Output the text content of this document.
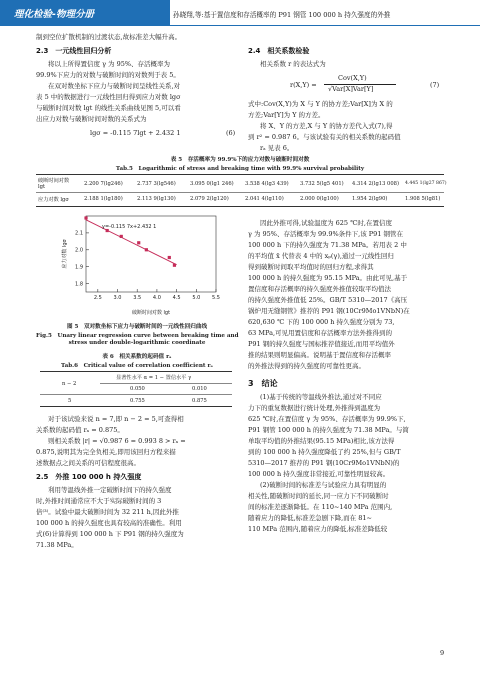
理化检验-物理分册	孙晓翔,等:基于置信度和存活概率的 P91 钢管 100 000 h 持久强度的外推
制到空位扩散机制的过渡状态,故标准差大幅升高。
2.3　一元线性回归分析
将以上所得置信度 γ 为 95%、存活概率为
99.9%下应力的对数与破断时间的对数列于表 5。
在双对数坐标下应力与破断时间呈线性关系,对
表 5 中的数据进行一元线性回归得到应力对数 lgσ
与破断时间对数 lgt 的线性关系曲线见图 5,可以看
出应力对数与破断时间对数的关系式为
lgσ = -0.115 7lgt + 2.432 1	(6)
2.4　相关系数检验
相关系数 r 的表达式为
r(X,Y) =
Cov(X,Y)
√Var[X]Var[Y]	(7)
式中:Cov(X,Y)为 X 与 Y 的协方差;Var[X]为 X 的
方差;Var[Y]为 Y 的方差。
将 X、Y 的方差,X 与 Y 的协方差代入式(7),得
到 r² = 0.987 6。与该试验有关的相关系数的起码值
rₐ 见表 6。
表 5　存活概率为 99.9%下的应力对数与破断时间对数
Tab.5　Logarithmic of stress and breaking time with 99.9% survival probability
破断时间对数
lgt
应力对数 lgσ
2.200 7(lg246)	2.737 3(lg546)	3.095 0(lg1 246) 3.538 4(lg3 439) 3.732 5(lg5 401) 4.314 2(lg13 008) 4.445 1(lg27 867)
2.188 1(lg180)	2.113 9(lg130)	2.079 2(lg120)	2.041 4(lg110)	2.000 0(lg100)	1.954 2(lg90)	1.908 5(lg81)
2.1
2.0
1.9
1.8
2.5 3.0 3.5 4.0 4.5 5.0 5.5
y=-0.115 7x+2.432 1
应力对数 lgσ
破断时间对数 lgt
图 5　双对数坐标下应力与破断时间的一元线性回归曲线
Fig.5　Unary linear regression curve between breaking time and
stress under double-logarithmic coordinate
表 6　相关系数的起码值 rₐ
Tab.6　Critical value of correlation coefficient rₐ
n − 2
显著性水平 α = 1 − 置信水平 γ
0.050	0.010
5	0.755	0.875
对于该试验来说 n = 7,即 n − 2 = 5,可查得相
关系数的起码值 rₐ = 0.875。
则相关系数 |r| = √0.987 6 = 0.993 8 > rₐ =
0.875,说明其为完全负相关,即用该回归方程来描
述数据点之间关系的可信程度很高。
2.5　外推 100 000 h 持久强度
利用等温线外推一定破断时间下的持久强度
时,外推时间通常应不大于实际破断时间的 3
倍⁽³⁾。试验中最大破断时间为 32 211 h,因此外推
100 000 h 的持久强度也具有较高的准确性。利用
式(6)计算得到 100 000 h 下 P91 钢的持久强度为
71.38 MPa。
因此外推可得,试验温度为 625 ℃时,在置信度
γ 为 95%、存活概率为 99.9%条件下,该 P91 钢管在
100 000 h 下的持久强度为 71.38 MPa。若用表 2 中
的平均值 x̄ 代替表 4 中的 xₚ(γ),通过一元线性回归
得到破断时间取平均值时的回归方程,求得其
100 000 h 的持久强度为 95.15 MPa。由此可见,基于
置信度和存活概率的持久强度外推值较取平均值法
的持久强度外推值低 25%。GB/T 5310—2017《高压
锅炉用无缝钢管》推荐的 P91 钢(10Cr9Mo1VNbN)在
620,630 ℃ 下的 100 000 h 持久强度分别为 73,
63 MPa,可见用置信度和存活概率方法外推得到的
P91 钢的持久强度与国标推荐值接近,而用平均值外
推的结果则明显偏高。说明基于置信度和存活概率
的外推法得到的持久强度的可靠性更高。
3　结论
(1)基于传统的等温线外推法,通过对不同应
力下的重复数据进行统计处理,外推得到温度为
625 ℃时,在置信度 γ 为 95%、存活概率为 99.9%下,
P91 钢管 100 000 h 的持久强度为 71.38 MPa。与简
单取平均值的外推结果(95.15 MPa)相比,该方法得
到的 100 000 h 持久强度降低了约 25%,但与 GB/T
5310—2017 推荐的 P91 钢(10Cr9Mo1VNbN)的
100 000 h 持久强度非常接近,可靠性明显较高。
(2)破断时间的标准差与试验应力具有明显的
相关性,随破断时间的延长,同一应力下不同破断时
间的标准差逐渐降低。在 110~140 MPa 范围内,
随着应力的降低,标准差急剧下降,而在 81~
110 MPa 范围内,随着应力的降低,标准差降低较
9
